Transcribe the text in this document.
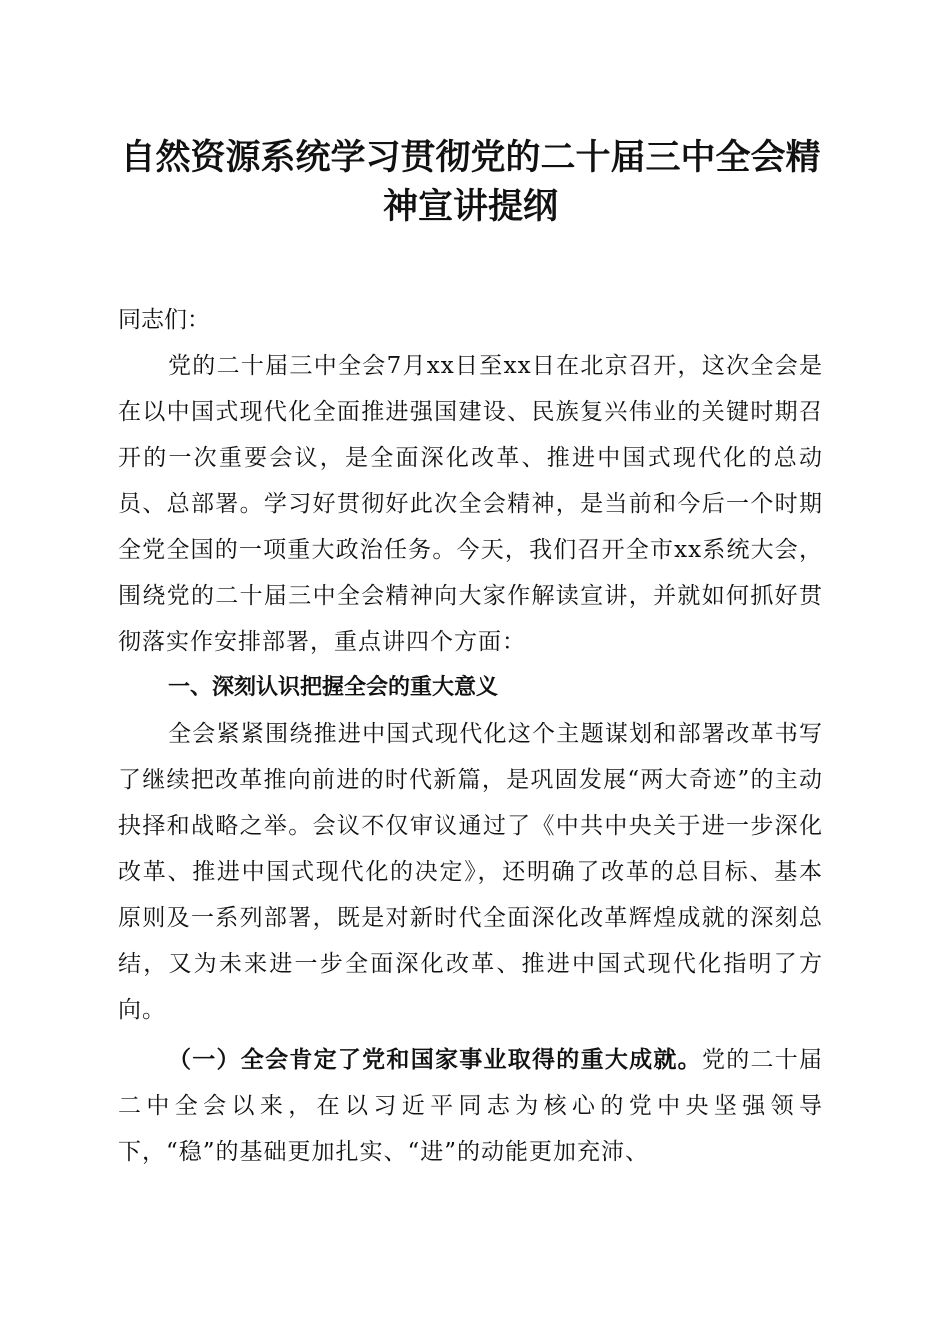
自然资源系统学习贯彻党的二十届三中全会精
神宣讲提纲

同志们：

党的二十届三中全会7月xx日至xx日在北京召开，这次全会是在以中国式现代化全面推进强国建设、民族复兴伟业的关键时期召开的一次重要会议，是全面深化改革、推进中国式现代化的总动员、总部署。学习好贯彻好此次全会精神，是当前和今后一个时期全党全国的一项重大政治任务。今天，我们召开全市xx系统大会，围绕党的二十届三中全会精神向大家作解读宣讲，并就如何抓好贯彻落实作安排部署，重点讲四个方面：

一、深刻认识把握全会的重大意义

全会紧紧围绕推进中国式现代化这个主题谋划和部署改革书写了继续把改革推向前进的时代新篇，是巩固发展“两大奇迹”的主动抉择和战略之举。会议不仅审议通过了《中共中央关于进一步深化改革、推进中国式现代化的决定》，还明确了改革的总目标、基本原则及一系列部署，既是对新时代全面深化改革辉煌成就的深刻总结，又为未来进一步全面深化改革、推进中国式现代化指明了方向。

（一）全会肯定了党和国家事业取得的重大成就。党的二十届二中全会以来，在以习近平同志为核心的党中央坚强领导下，“稳”的基础更加扎实、“进”的动能更加充沛、
